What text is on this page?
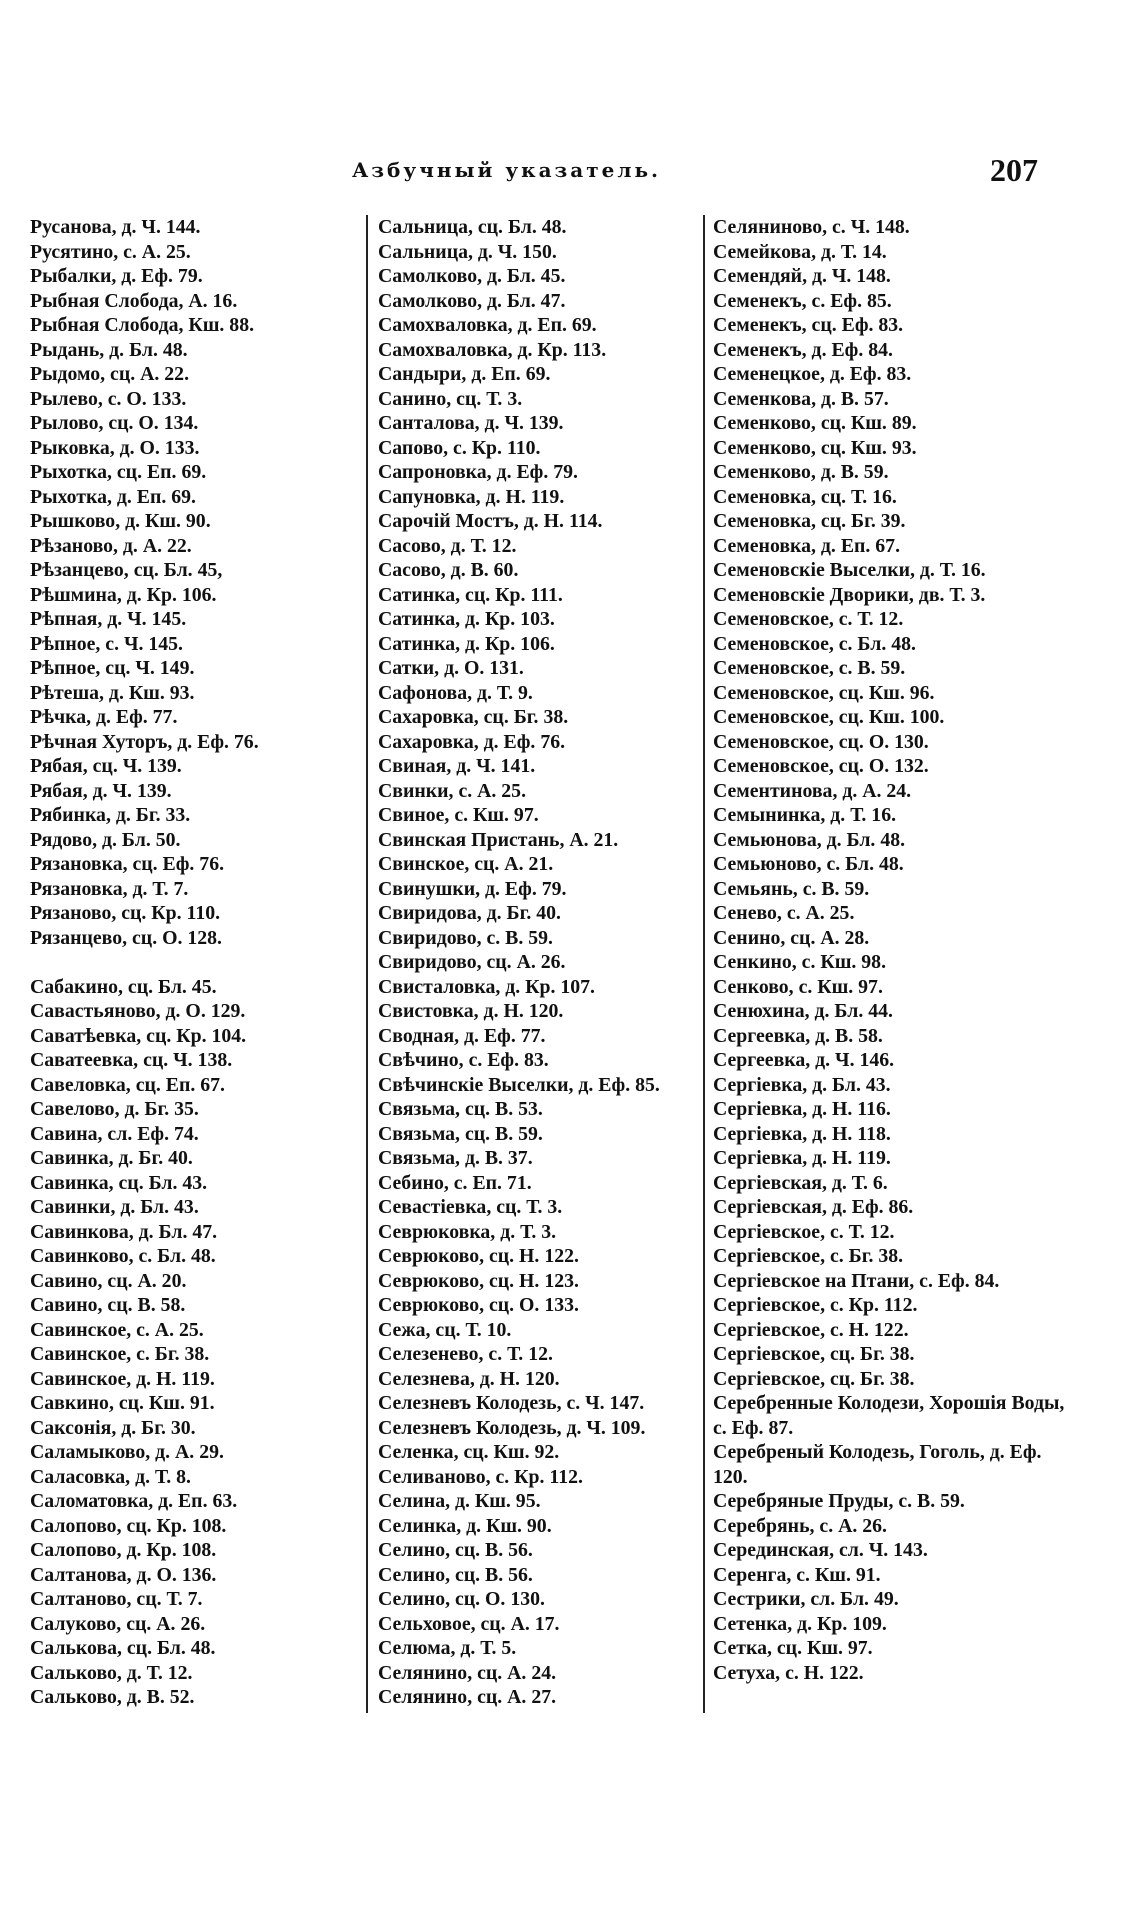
Азбучный указатель.	207
Русанова, д. Ч. 144.
Русятино, с. А. 25.
Рыбалки, д. Еф. 79.
Рыбная Слобода, А. 16.
Рыбная Слобода, Кш. 88.
Рыдань, д. Бл. 48.
Рыдомо, сц. А. 22.
Рылево, с. О. 133.
Рылово, сц. О. 134.
Рыковка, д. О. 133.
Рыхотка, сц. Еп. 69.
Рыхотка, д. Еп. 69.
Рышково, д. Кш. 90.
Рѣзаново, д. А. 22.
Рѣзанцево, сц. Бл. 45,
Рѣшмина, д. Кр. 106.
Рѣпная, д. Ч. 145.
Рѣпное, с. Ч. 145.
Рѣпное, сц. Ч. 149.
Рѣтеша, д. Кш. 93.
Рѣчка, д. Еф. 77.
Рѣчная Хуторъ, д. Еф. 76.
Рябая, сц. Ч. 139.
Рябая, д. Ч. 139.
Рябинка, д. Бг. 33.
Рядово, д. Бл. 50.
Рязановка, сц. Еф. 76.
Рязановка, д. Т. 7.
Рязаново, сц. Кр. 110.
Рязанцево, сц. О. 128.
Сабакино, сц. Бл. 45.
Савастьяново, д. О. 129.
Саватѣевка, сц. Кр. 104.
Саватеевка, сц. Ч. 138.
Савеловка, сц. Еп. 67.
Савелово, д. Бг. 35.
Савина, сл. Еф. 74.
Савинка, д. Бг. 40.
Савинка, сц. Бл. 43.
Савинки, д. Бл. 43.
Савинкова, д. Бл. 47.
Савинково, с. Бл. 48.
Савино, сц. А. 20.
Савино, сц. В. 58.
Савинское, с. А. 25.
Савинское, с. Бг. 38.
Савинское, д. Н. 119.
Савкино, сц. Кш. 91.
Саксонія, д. Бг. 30.
Саламыково, д. А. 29.
Саласовка, д. Т. 8.
Саломатовка, д. Еп. 63.
Салопово, сц. Кр. 108.
Салопово, д. Кр. 108.
Салтанова, д. О. 136.
Салтаново, сц. Т. 7.
Салуково, сц. А. 26.
Салькова, сц. Бл. 48.
Сальково, д. Т. 12.
Сальково, д. В. 52.
Сальница, сц. Бл. 48.
Сальница, д. Ч. 150.
Самолково, д. Бл. 45.
Самолково, д. Бл. 47.
Самохваловка, д. Еп. 69.
Самохваловка, д. Кр. 113.
Сандыри, д. Еп. 69.
Санино, сц. Т. 3.
Санталова, д. Ч. 139.
Сапово, с. Кр. 110.
Сапроновка, д. Еф. 79.
Сапуновка, д. Н. 119.
Сарочій Мостъ, д. Н. 114.
Сасово, д. Т. 12.
Сасово, д. В. 60.
Сатинка, сц. Кр. 111.
Сатинка, д. Кр. 103.
Сатинка, д. Кр. 106.
Сатки, д. О. 131.
Сафонова, д. Т. 9.
Сахаровка, сц. Бг. 38.
Сахаровка, д. Еф. 76.
Свиная, д. Ч. 141.
Свинки, с. А. 25.
Свиное, с. Кш. 97.
Свинская Пристань, А. 21.
Свинское, сц. А. 21.
Свинушки, д. Еф. 79.
Свиридова, д. Бг. 40.
Свиридово, с. В. 59.
Свиридово, сц. А. 26.
Свисталовка, д. Кр. 107.
Свистовка, д. Н. 120.
Сводная, д. Еф. 77.
Свѣчино, с. Еф. 83.
Свѣчинскіе Выселки, д. Еф. 85.
Связьма, сц. В. 53.
Связьма, сц. В. 59.
Связьма, д. В. 37.
Себино, с. Еп. 71.
Севастіевка, сц. Т. 3.
Севрюковка, д. Т. 3.
Севрюково, сц. Н. 122.
Севрюково, сц. Н. 123.
Севрюково, сц. О. 133.
Сежа, сц. Т. 10.
Селезенево, с. Т. 12.
Селезнева, д. Н. 120.
Селезневъ Колодезь, с. Ч. 147.
Селезневъ Колодезь, д. Ч. 109.
Селенка, сц. Кш. 92.
Селиваново, с. Кр. 112.
Селина, д. Кш. 95.
Селинка, д. Кш. 90.
Селино, сц. В. 56.
Селино, сц. В. 56.
Селино, сц. О. 130.
Сельховое, сц. А. 17.
Селюма, д. Т. 5.
Селянино, сц. А. 24.
Селянино, сц. А. 27.
Селяниново, с. Ч. 148.
Семейкова, д. Т. 14.
Семендяй, д. Ч. 148.
Семенекъ, с. Еф. 85.
Семенекъ, сц. Еф. 83.
Семенекъ, д. Еф. 84.
Семенецкое, д. Еф. 83.
Семенкова, д. В. 57.
Семенково, сц. Кш. 89.
Семенково, сц. Кш. 93.
Семенково, д. В. 59.
Семеновка, сц. Т. 16.
Семеновка, сц. Бг. 39.
Семеновка, д. Еп. 67.
Семеновскіе Выселки, д. Т. 16.
Семеновскіе Дворики, дв. Т. 3.
Семеновское, с. Т. 12.
Семеновское, с. Бл. 48.
Семеновское, с. В. 59.
Семеновское, сц. Кш. 96.
Семеновское, сц. Кш. 100.
Семеновское, сц. О. 130.
Семеновское, сц. О. 132.
Сементинова, д. А. 24.
Семынинка, д. Т. 16.
Семьюнова, д. Бл. 48.
Семьюново, с. Бл. 48.
Семьянь, с. В. 59.
Сенево, с. А. 25.
Сенино, сц. А. 28.
Сенкино, с. Кш. 98.
Сенково, с. Кш. 97.
Сенюхина, д. Бл. 44.
Сергеевка, д. В. 58.
Сергеевка, д. Ч. 146.
Сергіевка, д. Бл. 43.
Сергіевка, д. Н. 116.
Сергіевка, д. Н. 118.
Сергіевка, д. Н. 119.
Сергіевская, д. Т. 6.
Сергіевская, д. Еф. 86.
Сергіевское, с. Т. 12.
Сергіевское, с. Бг. 38.
Сергіевское на Птани, с. Еф. 84.
Сергіевское, с. Кр. 112.
Сергіевское, с. Н. 122.
Сергіевское, сц. Бг. 38.
Сергіевское, сц. Бг. 38.
Серебренные Колодези, Хорошія Воды, с. Еф. 87.
Серебреный Колодезь, Гоголь, д. Еф. 120.
Серебряные Пруды, с. В. 59.
Серебрянь, с. А. 26.
Серединская, сл. Ч. 143.
Серенга, с. Кш. 91.
Сестрики, сл. Бл. 49.
Сетенка, д. Кр. 109.
Сетка, сц. Кш. 97.
Сетуха, с. Н. 122.
